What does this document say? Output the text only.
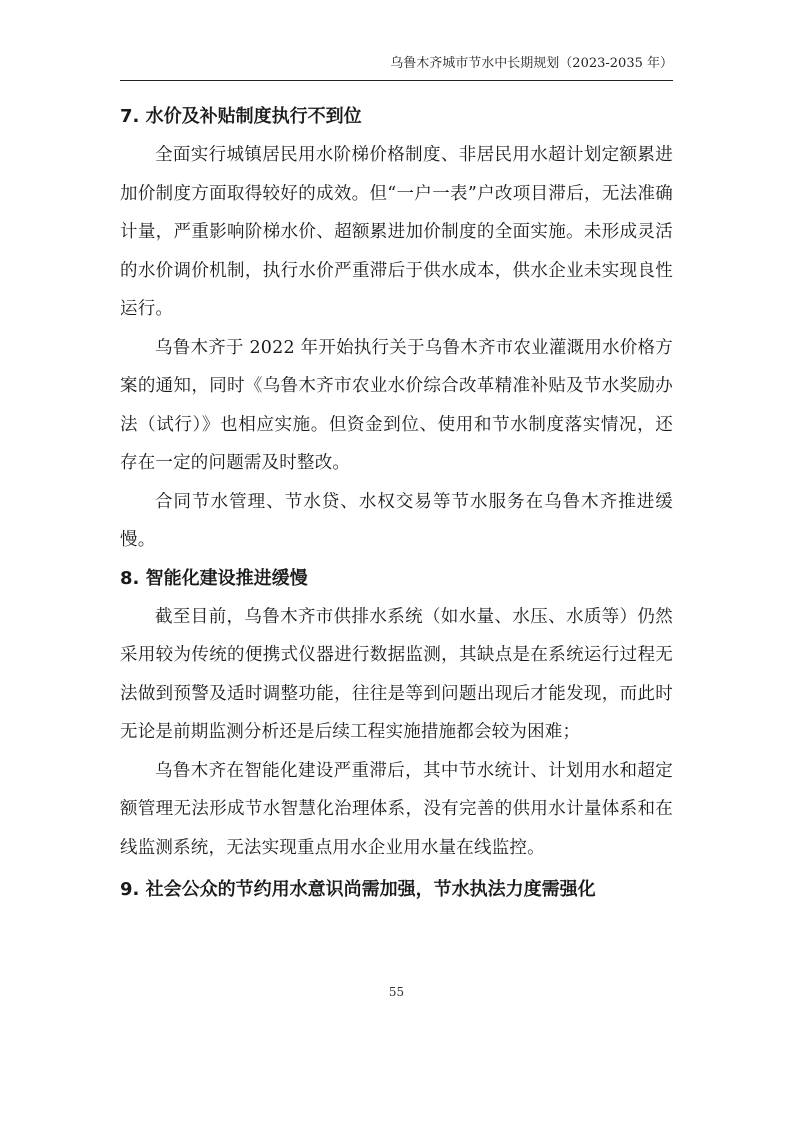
乌鲁木齐城市节水中长期规划（2023-2035 年）
7. 水价及补贴制度执行不到位

全面实行城镇居民用水阶梯价格制度、非居民用水超计划定额累进加价制度方面取得较好的成效。但“一户一表”户改项目滞后，无法准确计量，严重影响阶梯水价、超额累进加价制度的全面实施。未形成灵活的水价调价机制，执行水价严重滞后于供水成本，供水企业未实现良性运行。

乌鲁木齐于 2022 年开始执行关于乌鲁木齐市农业灌溉用水价格方案的通知，同时《乌鲁木齐市农业水价综合改革精准补贴及节水奖励办法（试行）》也相应实施。但资金到位、使用和节水制度落实情况，还存在一定的问题需及时整改。

合同节水管理、节水贷、水权交易等节水服务在乌鲁木齐推进缓慢。

8. 智能化建设推进缓慢

截至目前，乌鲁木齐市供排水系统（如水量、水压、水质等）仍然采用较为传统的便携式仪器进行数据监测，其缺点是在系统运行过程无法做到预警及适时调整功能，往往是等到问题出现后才能发现，而此时无论是前期监测分析还是后续工程实施措施都会较为困难；

乌鲁木齐在智能化建设严重滞后，其中节水统计、计划用水和超定额管理无法形成节水智慧化治理体系，没有完善的供用水计量体系和在线监测系统，无法实现重点用水企业用水量在线监控。

9. 社会公众的节约用水意识尚需加强，节水执法力度需强化
55
